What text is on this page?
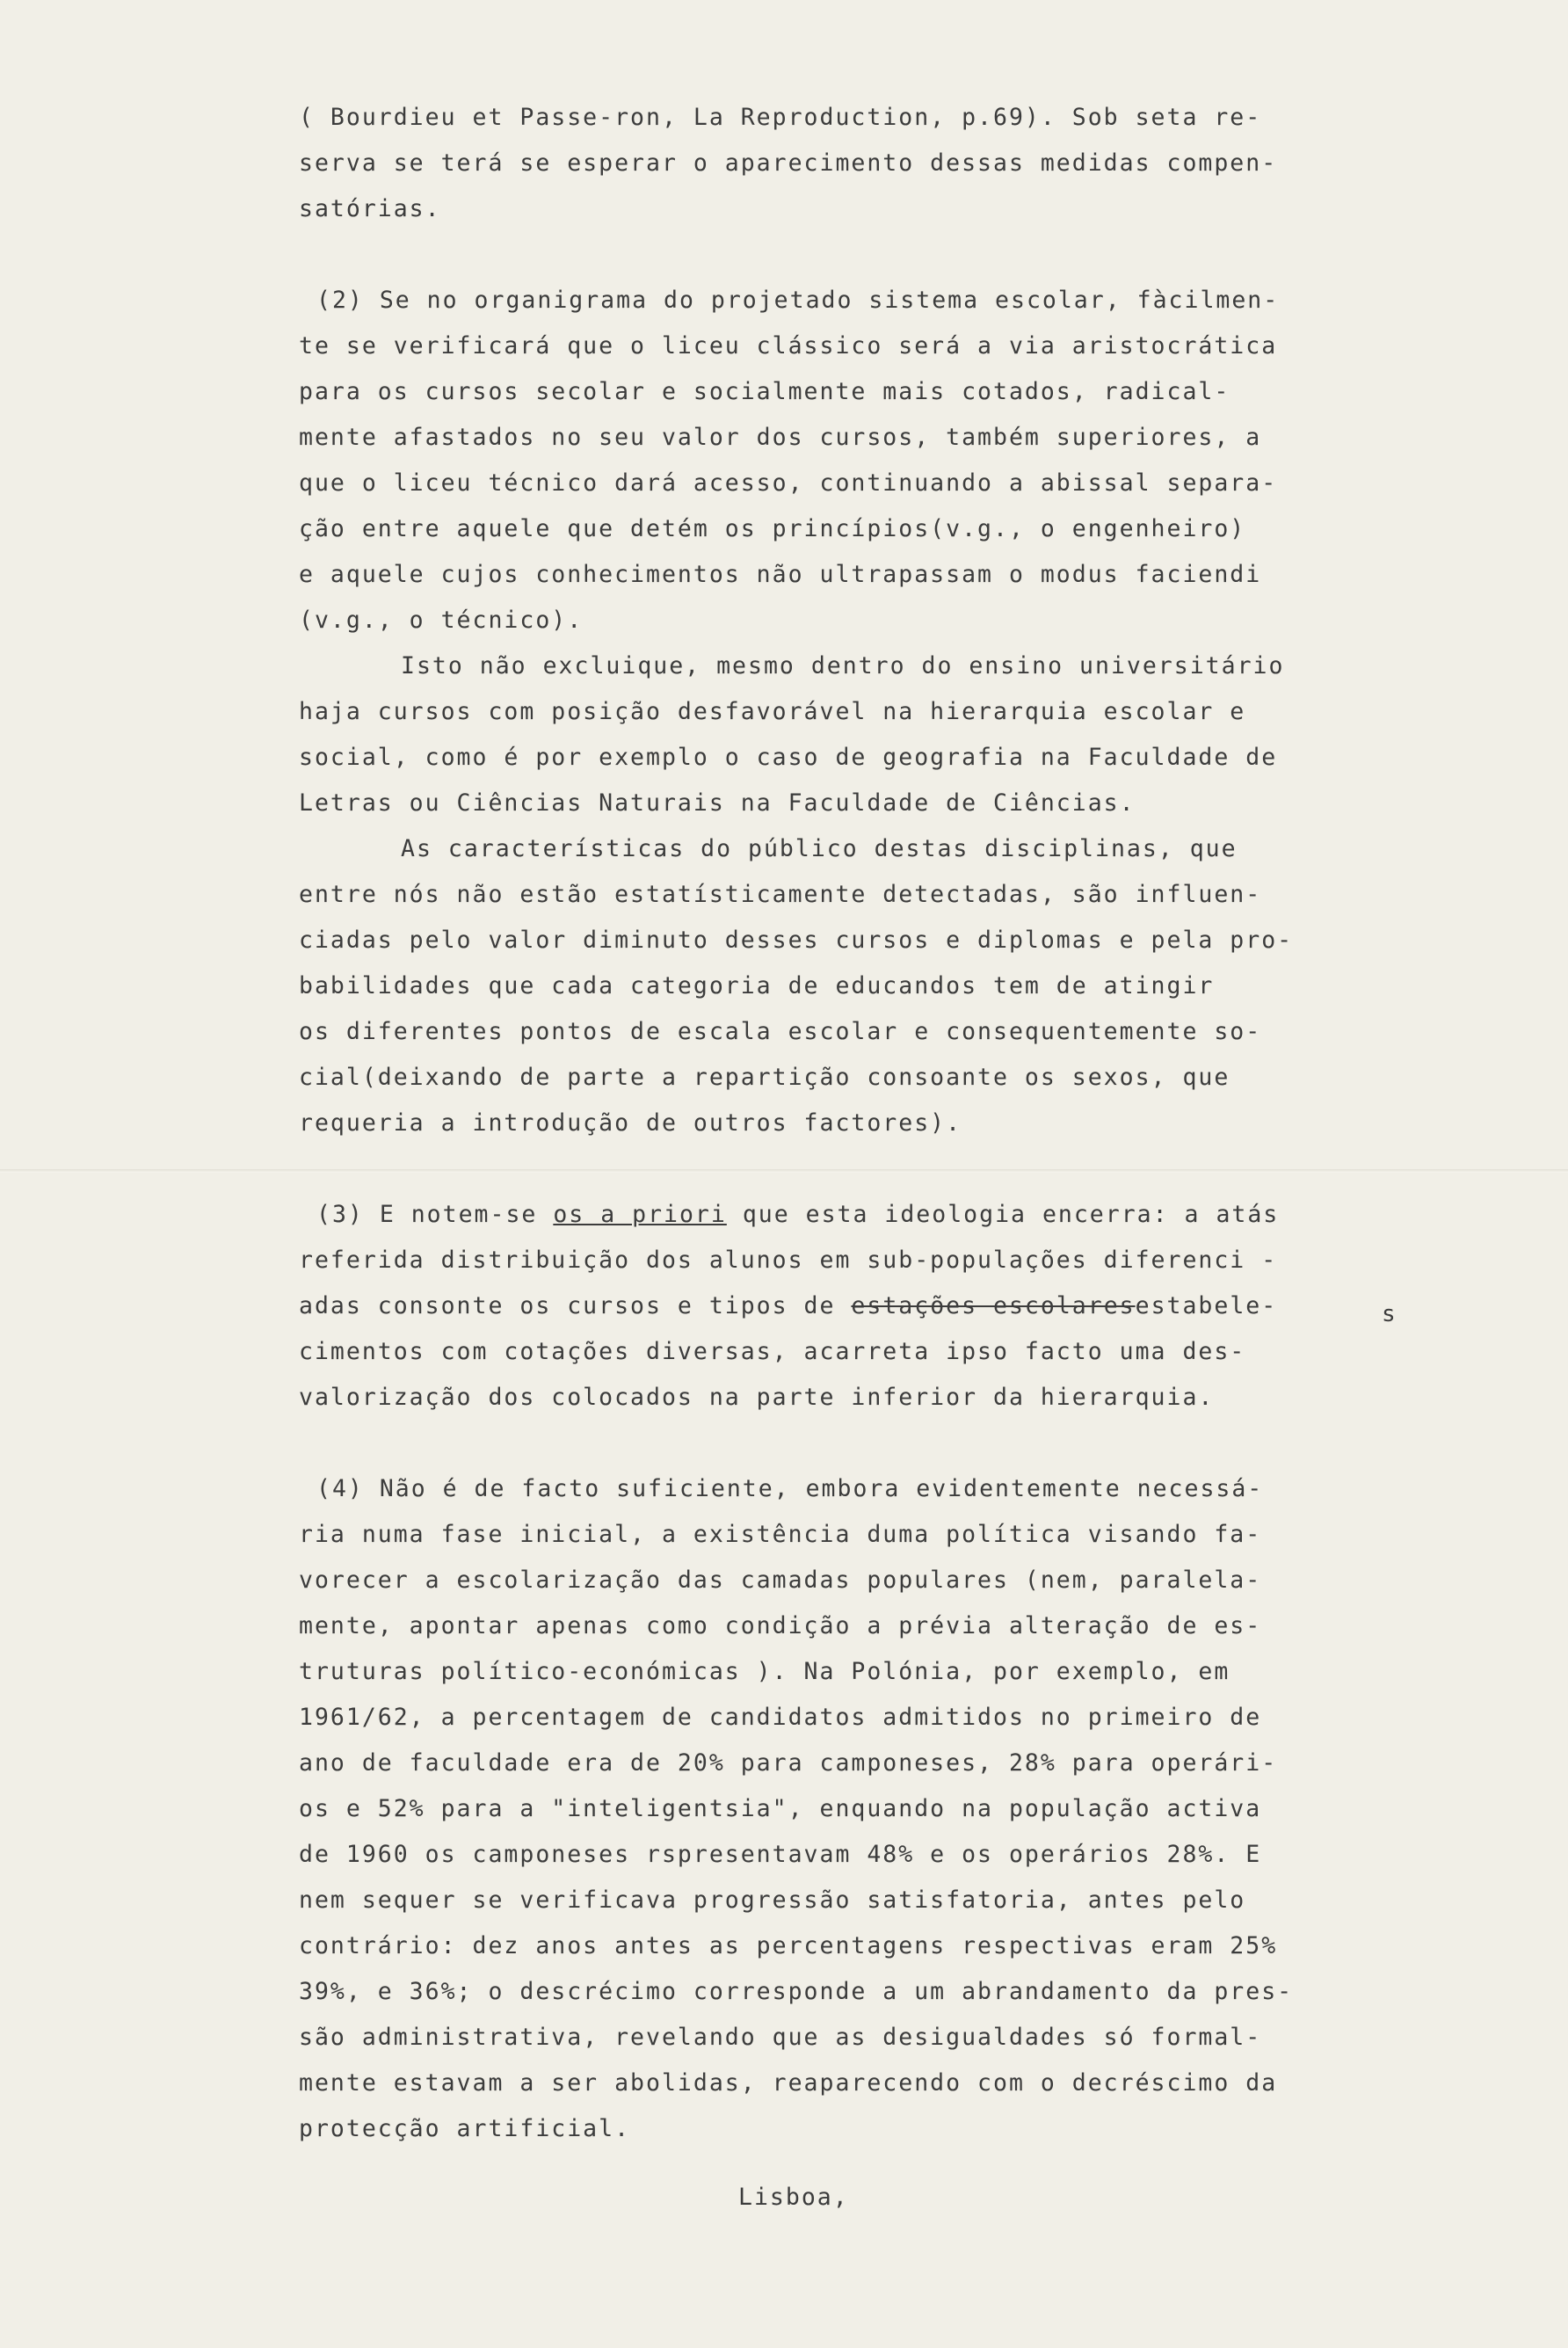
( Bourdieu et Passe-ron, La Reproduction, p.69). Sob seta re-
serva se terá se esperar o aparecimento dessas medidas compen-
satórias.
(2) Se no organigrama do projetado sistema escolar, fàcilmen-
te se verificará que o liceu clássico será a via aristocrática
para os cursos secolar e socialmente mais cotados, radical-
mente afastados no seu valor dos cursos, também superiores, a
que o liceu técnico dará acesso, continuando a abissal separa-
ção entre aquele que detém os princípios(v.g., o engenheiro)
e aquele cujos conhecimentos não ultrapassam o modus faciendi
(v.g., o técnico).
Isto não excluique, mesmo dentro do ensino universitário
haja cursos com posição desfavorável na hierarquia escolar e
social, como é por exemplo o caso de geografia na Faculdade de
Letras ou Ciências Naturais na Faculdade de Ciências.
As características do público destas disciplinas, que
entre nós não estão estatísticamente detectadas, são influen-
ciadas pelo valor diminuto desses cursos e diplomas e pela pro-
babilidades que cada categoria de educandos tem de atingir
os diferentes pontos de escala escolar e consequentemente so-
cial(deixando de parte a repartição consoante os sexos, que
requeria a introdução de outros factores).
(3) E notem-se os a priori que esta ideologia encerra: a atás
referida distribuição dos alunos em sub-populações diferenci -
adas consonte os cursos e tipos de estações escolaresestabele-
cimentos com cotações diversas, acarreta ipso facto uma des-
valorização dos colocados na parte inferior da hierarquia.
(4) Não é de facto suficiente, embora evidentemente necessá-
ria numa fase inicial, a existência duma política visando fa-
vorecer a escolarização das camadas populares (nem, paralela-
mente, apontar apenas como condição a prévia alteração de es-
truturas político-económicas ). Na Polónia, por exemplo, em
1961/62, a percentagem de candidatos admitidos no primeiro de
ano de faculdade era de 20% para camponeses, 28% para operári-
os e 52% para a "inteligentsia", enquando na população activa
de 1960 os camponeses rspresentavam 48% e os operários 28%. E
nem sequer se verificava progressão satisfatoria, antes pelo
contrário: dez anos antes as percentagens respectivas eram 25%
39%, e 36%; o descrécimo corresponde a um abrandamento da pres-
são administrativa, revelando que as desigualdades só formal-
mente estavam a ser abolidas, reaparecendo com o decréscimo da
protecção artificial.
s
Lisboa,
